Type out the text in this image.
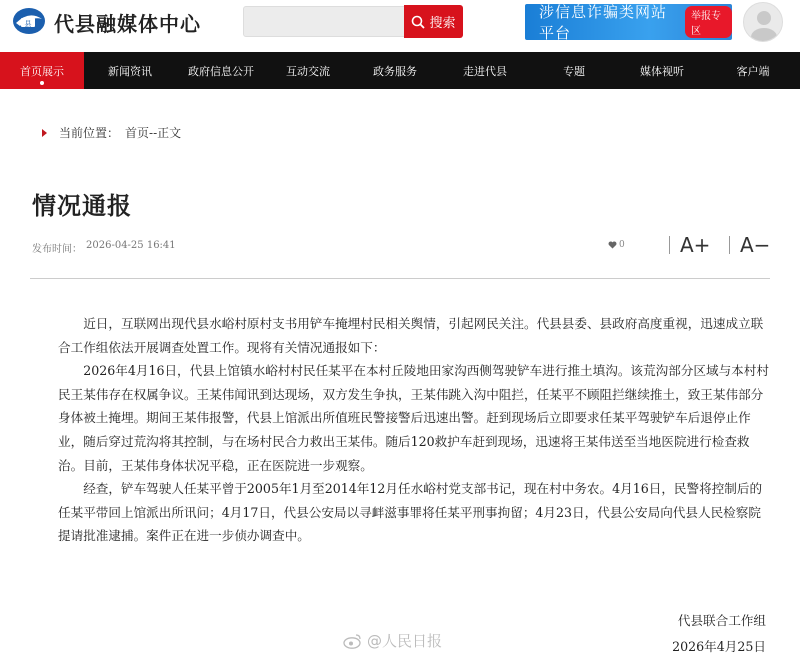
县 代县融媒体中心	搜索
涉信息诈骗类网站平台
举报专区
首页展示	新闻资讯	政府信息公开	互动交流	政务服务	走进代县	专题	媒体视听	客户端
当前位置： 首页--正文
情况通报
发布时间： 2026-04-25 16:41	0	A+ A−

　　近日，互联网出现代县水峪村原村支书用铲车掩埋村民相关舆情，引起网民关注。代县县委、县政府高度重视，迅速成立联合工作组依法开展调查处置工作。现将有关情况通报如下：

　　2026年4月16日，代县上馆镇水峪村村民任某平在本村丘陵地田家沟西侧驾驶铲车进行推土填沟。该荒沟部分区域与本村村民王某伟存在权属争议。王某伟闻讯到达现场，双方发生争执，王某伟跳入沟中阻拦，任某平不顾阻拦继续推土，致王某伟部分身体被土掩埋。期间王某伟报警，代县上馆派出所值班民警接警后迅速出警。赶到现场后立即要求任某平驾驶铲车后退停止作业，随后穿过荒沟将其控制，与在场村民合力救出王某伟。随后120救护车赶到现场，迅速将王某伟送至当地医院进行检查救治。目前，王某伟身体状况平稳，正在医院进一步观察。

　　经查，铲车驾驶人任某平曾于2005年1月至2014年12月任水峪村党支部书记，现在村中务农。4月16日，民警将控制后的任某平带回上馆派出所讯问；4月17日，代县公安局以寻衅滋事罪将任某平刑事拘留；4月23日，代县公安局向代县人民检察院提请批准逮捕。案件正在进一步侦办调查中。

代县联合工作组
2026年4月25日
@人民日报
